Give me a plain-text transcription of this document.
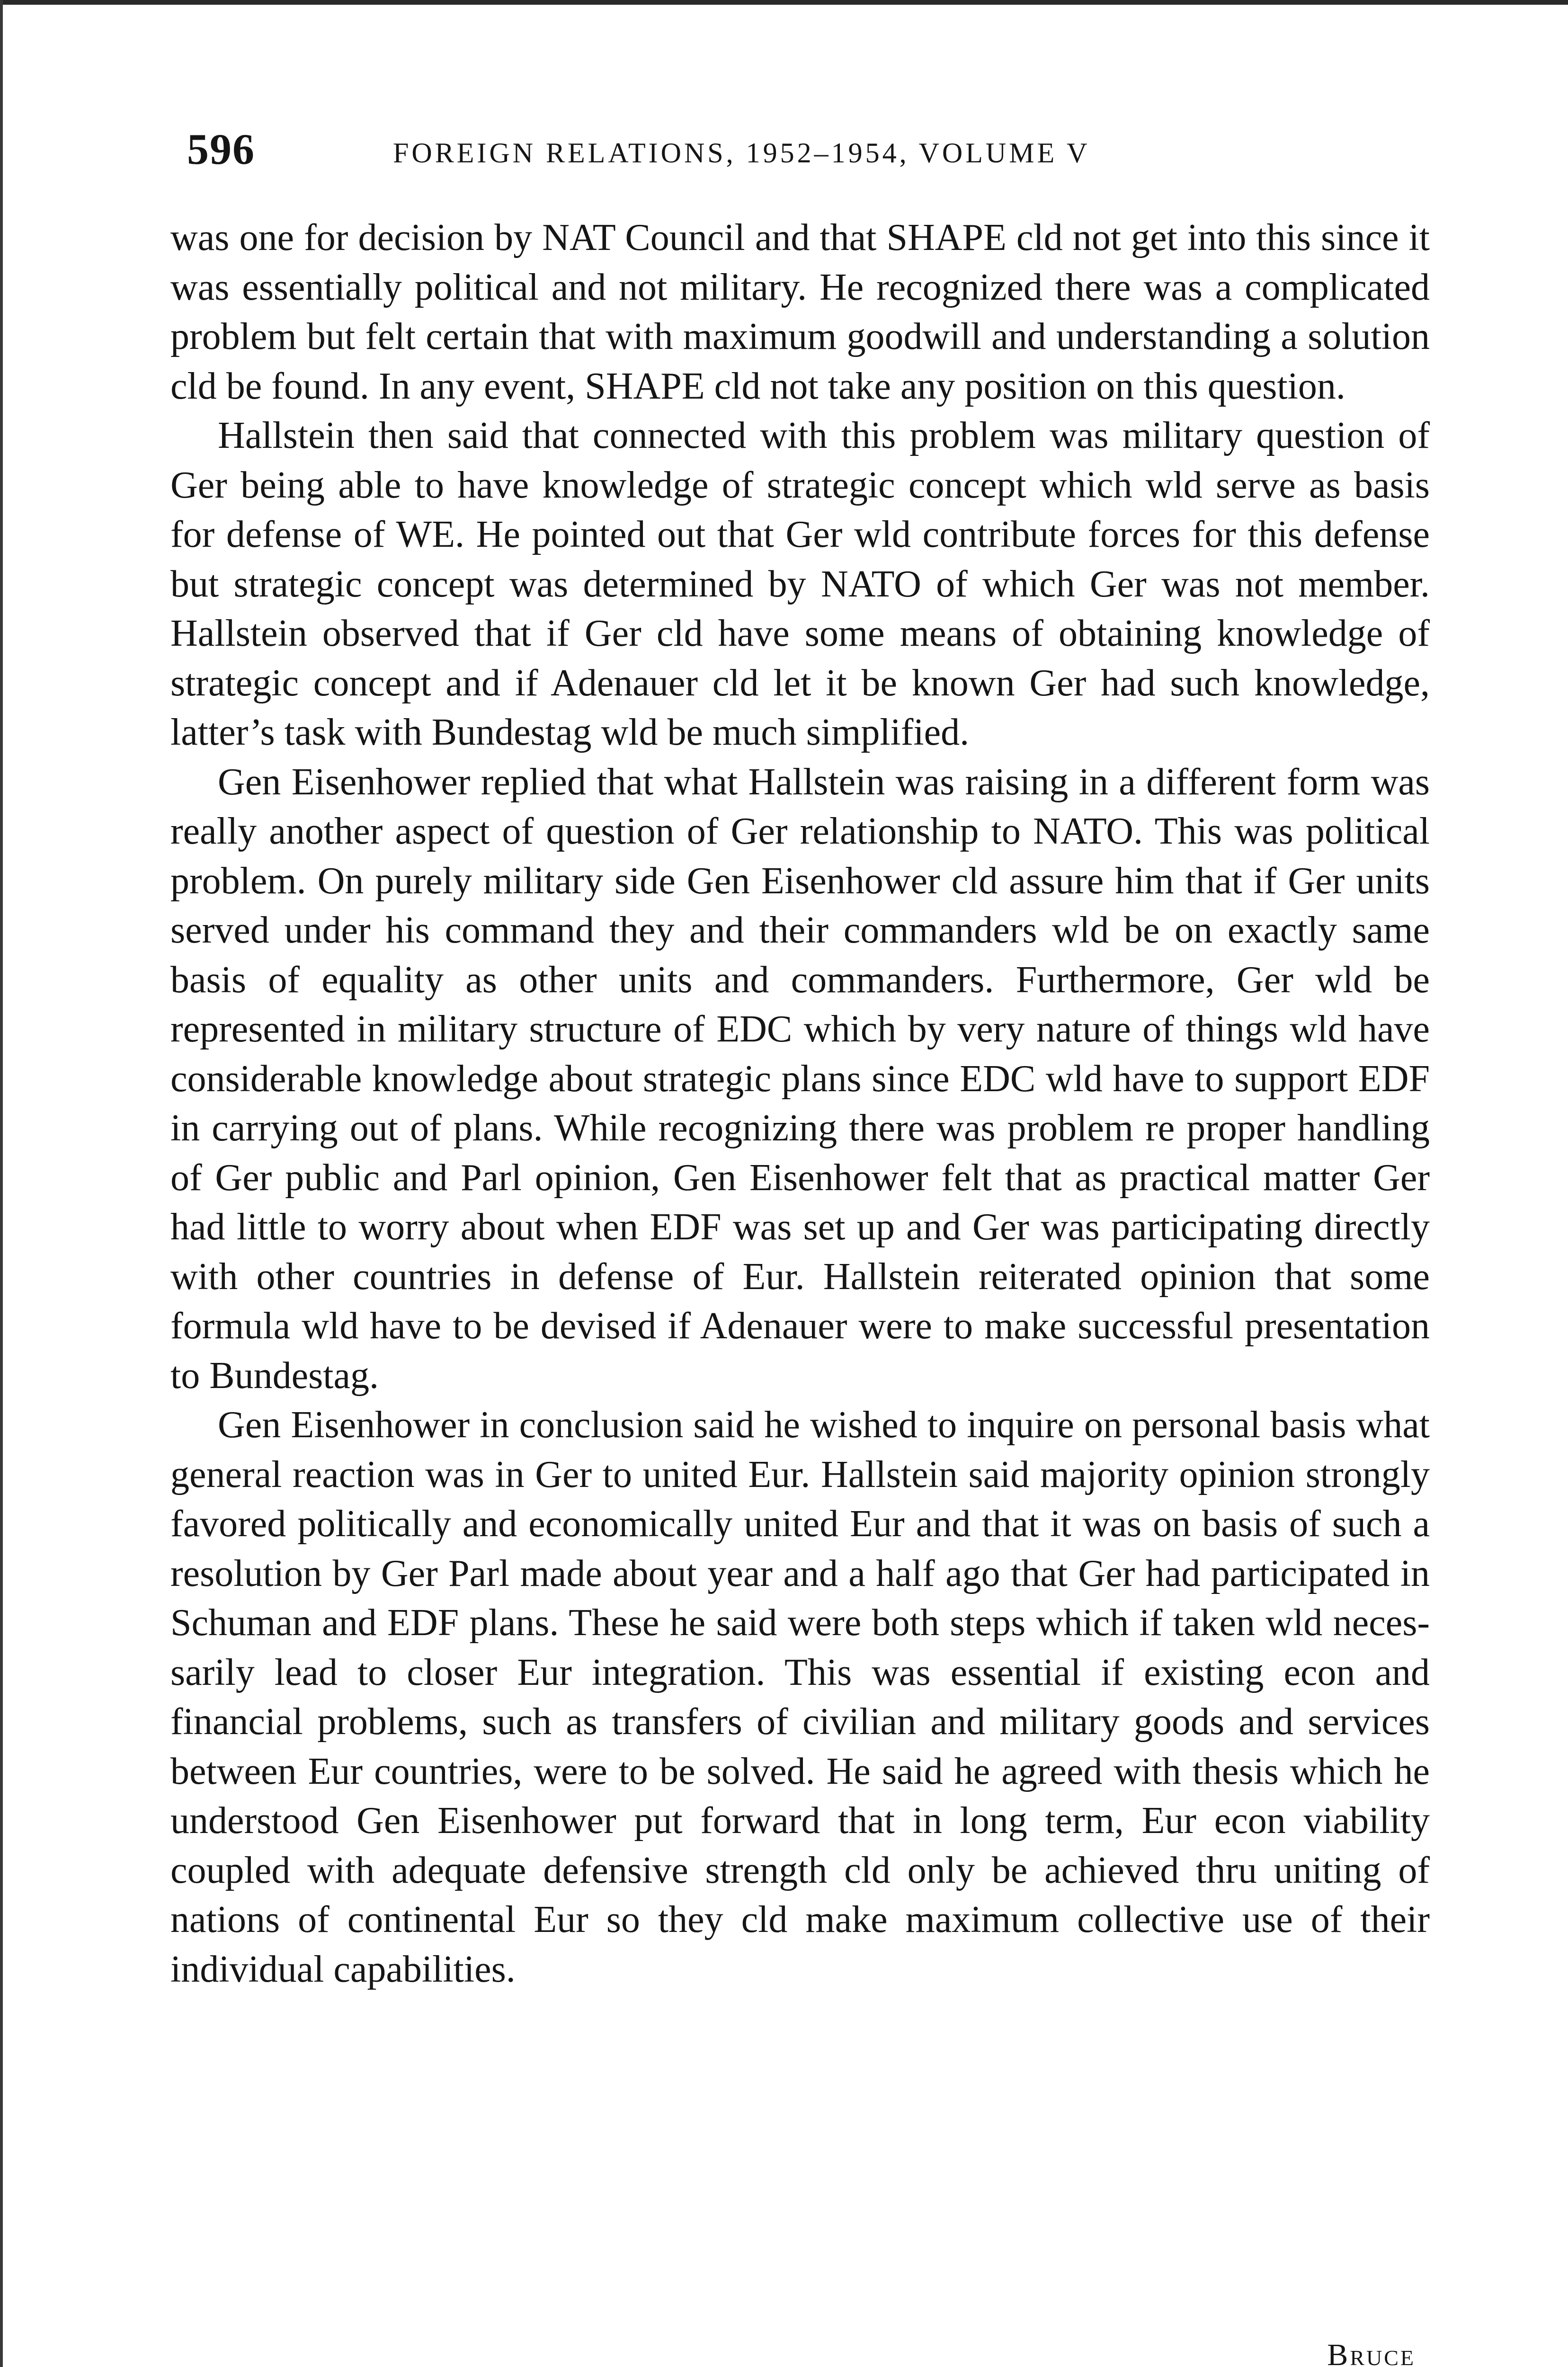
596	FOREIGN RELATIONS, 1952–1954, VOLUME V

was one for decision by NAT Council and that SHAPE cld not get into this since it was essentially political and not military. He recognized there was a complicated problem but felt certain that with maximum goodwill and understanding a solution cld be found. In any event, SHAPE cld not take any position on this question.

Hallstein then said that connected with this problem was military question of Ger being able to have knowledge of strategic concept which wld serve as basis for defense of WE. He pointed out that Ger wld contribute forces for this defense but strategic concept was determined by NATO of which Ger was not member. Hallstein observed that if Ger cld have some means of obtaining knowledge of strategic concept and if Adenauer cld let it be known Ger had such knowledge, latter’s task with Bundestag wld be much simplified.

Gen Eisenhower replied that what Hallstein was raising in a different form was really another aspect of question of Ger relationship to NATO. This was political problem. On purely military side Gen Eisenhower cld assure him that if Ger units served under his command they and their commanders wld be on exactly same basis of equality as other units and commanders. Furthermore, Ger wld be represented in military structure of EDC which by very nature of things wld have considerable knowledge about strategic plans since EDC wld have to support EDF in carrying out of plans. While recognizing there was problem re proper handling of Ger public and Parl opinion, Gen Eisenhower felt that as practical matter Ger had little to worry about when EDF was set up and Ger was participating directly with other countries in defense of Eur. Hallstein reiterated opinion that some formula wld have to be devised if Adenauer were to make successful presentation to Bundestag.

Gen Eisenhower in conclusion said he wished to inquire on personal basis what general reaction was in Ger to united Eur. Hallstein said majority opinion strongly favored politically and economically united Eur and that it was on basis of such a resolution by Ger Parl made about year and a half ago that Ger had participated in Schuman and EDF plans. These he said were both steps which if taken wld necessarily lead to closer Eur integration. This was essential if existing econ and financial problems, such as transfers of civilian and military goods and services between Eur countries, were to be solved. He said he agreed with thesis which he understood Gen Eisenhower put forward that in long term, Eur econ viability coupled with adequate defensive strength cld only be achieved thru uniting of nations of continental Eur so they cld make maximum collective use of their individual capabilities.

Bruce
